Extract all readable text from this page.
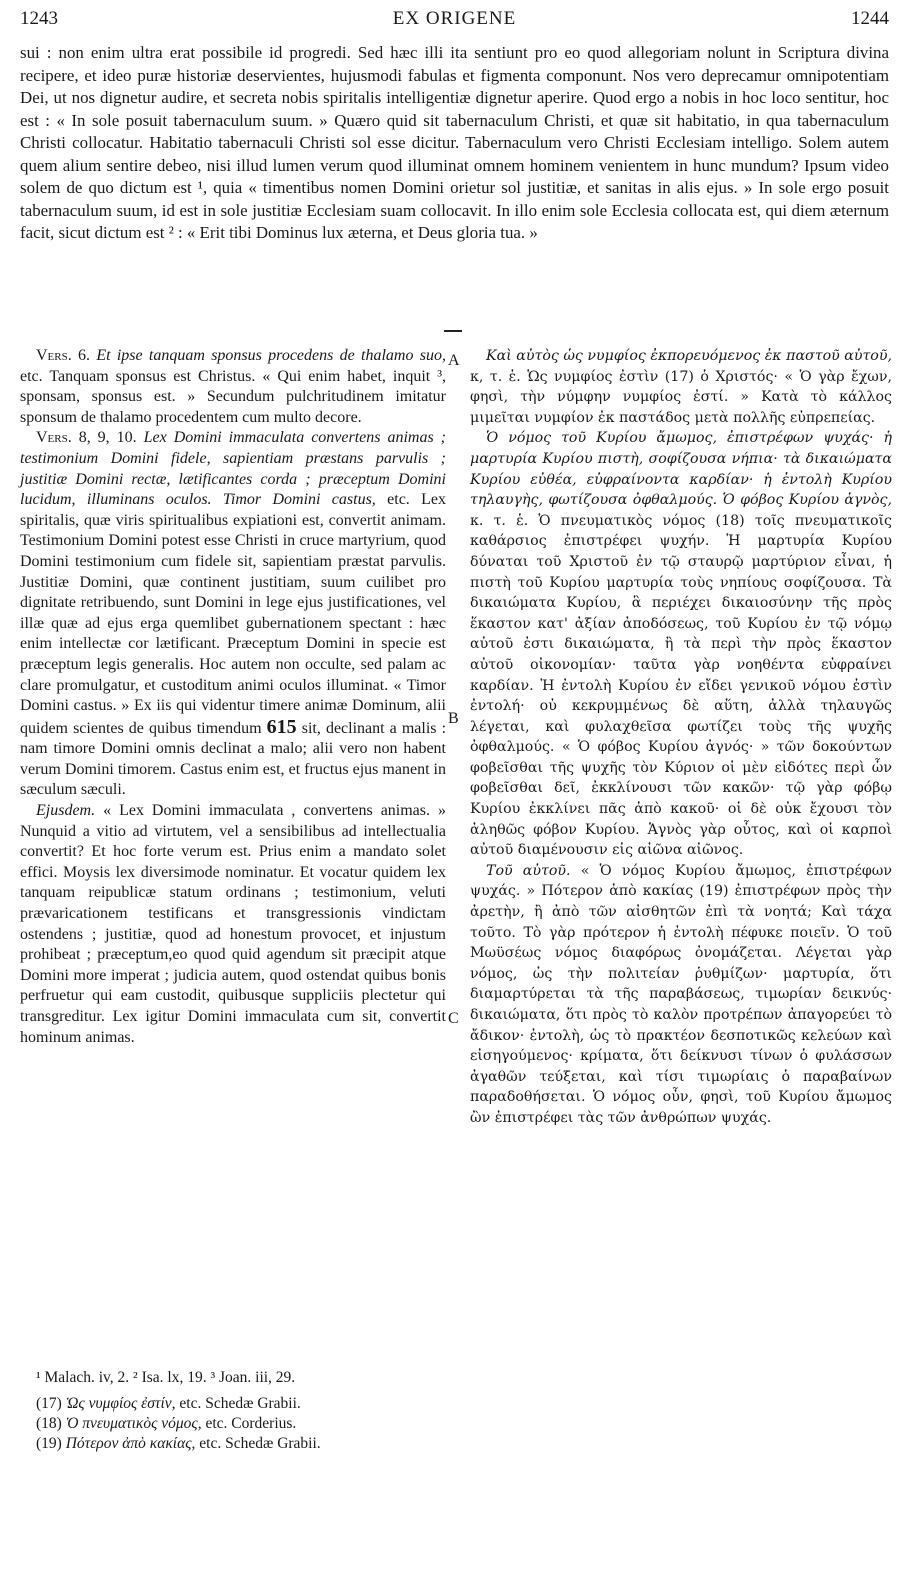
1243	EX ORIGENE	1244

sui : non enim ultra erat possibile id progredi. Sed hæc illi ita sentiunt pro eo quod allegoriam nolunt in Scriptura divina recipere, et ideo puræ historiæ deservientes, hujusmodi fabulas et figmenta componunt. Nos vero deprecamur omnipotentiam Dei, ut nos dignetur audire, et secreta nobis spiritalis intelligentiæ dignetur aperire. Quod ergo a nobis in hoc loco sentitur, hoc est : « In sole posuit tabernaculum suum. » Quæro quid sit tabernaculum Christi, et quæ sit habitatio, in qua tabernaculum Christi collocatur. Habitatio tabernaculi Christi sol esse dicitur. Tabernaculum vero Christi Ecclesiam intelligo. Solem autem quem alium sentire debeo, nisi illud lumen verum quod illuminat omnem hominem venientem in hunc mundum? Ipsum video solem de quo dictum est ¹, quia « timentibus nomen Domini orietur sol justitiæ, et sanitas in alis ejus. » In sole ergo posuit tabernaculum suum, id est in sole justitiæ Ecclesiam suam collocavit. In illo enim sole Ecclesia collocata est, qui diem æternum facit, sicut dictum est ² : « Erit tibi Dominus lux æterna, et Deus gloria tua. »

Vers. 6. Et ipse tanquam sponsus procedens de thalamo suo, etc. Tanquam sponsus est Christus. « Qui enim habet, inquit ³, sponsam, sponsus est. » Secundum pulchritudinem imitatur sponsum de thalamo procedentem cum multo decore.

Vers. 8, 9, 10. Lex Domini immaculata convertens animas ; testimonium Domini fidele, sapientiam præstans parvulis ; justitiæ Domini rectæ, lætificantes corda ; præceptum Domini lucidum, illuminans oculos. Timor Domini castus, etc. Lex spiritalis, quæ viris spiritualibus expiationi est, convertit animam. Testimonium Domini potest esse Christi in cruce martyrium, quod Domini testimonium cum fidele sit, sapientiam præstat parvulis. Justitiæ Domini, quæ continent justitiam, suum cuilibet pro dignitate retribuendo, sunt Domini in lege ejus justificationes, vel illæ quæ ad ejus erga quemlibet gubernationem spectant : hæc enim intellectæ cor lætificant. Præceptum Domini in specie est præceptum legis generalis. Hoc autem non occulte, sed palam ac clare promulgatur, et custoditum animi oculos illuminat. « Timor Domini castus. » Ex iis qui videntur timere animæ Dominum, alii quidem scientes de quibus timendum 615 sit, declinant a malis : nam timore Domini omnis declinat a malo; alii vero non habent verum Domini timorem. Castus enim est, et fructus ejus manent in sæculum sæculi.

Ejusdem. « Lex Domini immaculata , convertens animas. » Nunquid a vitio ad virtutem, vel a sensibilibus ad intellectualia convertit? Et hoc forte verum est. Prius enim a mandato solet effici. Moysis lex diversimode nominatur. Et vocatur quidem lex tanquam reipublicæ statum ordinans ; testimonium, veluti prævaricationem testificans et transgressionis vindictam ostendens ; justitiæ, quod ad honestum provocet, et injustum prohibeat ; præceptum,eo quod quid agendum sit præcipit atque Domini more imperat ; judicia autem, quod ostendat quibus bonis perfruetur qui eam custodit, quibusque suppliciis plectetur qui transgreditur. Lex igitur Domini immaculata cum sit, convertit hominum animas.

A
B
C

Καὶ αὐτὸς ὡς νυμφίος ἐκπορευόμενος ἐκ παστοῦ αὐτοῦ, κ, τ. ἑ. Ὡς νυμφίος ἐστὶν (17) ὁ Χριστός· « Ὁ γὰρ ἔχων, φησὶ, τὴν νύμφην νυμφίος ἐστί. » Κατὰ τὸ κάλλος μιμεῖται νυμφίον ἐκ παστάδος μετὰ πολλῆς εὐπρεπείας.

Ὁ νόμος τοῦ Κυρίου ἄμωμος, ἐπιστρέφων ψυχάς· ἡ μαρτυρία Κυρίου πιστὴ, σοφίζουσα νήπια· τὰ δικαιώματα Κυρίου εὐθέα, εὐφραίνοντα καρδίαν· ἡ ἐντολὴ Κυρίου τηλαυγὴς, φωτίζουσα ὀφθαλμούς. Ὁ φόβος Κυρίου ἁγνὸς, κ. τ. ἑ. Ὁ πνευματικὸς νόμος (18) τοῖς πνευματικοῖς καθάρσιος ἐπιστρέφει ψυχήν. Ἡ μαρτυρία Κυρίου δύναται τοῦ Χριστοῦ ἐν τῷ σταυρῷ μαρτύριον εἶναι, ἡ πιστὴ τοῦ Κυρίου μαρτυρία τοὺς νηπίους σοφίζουσα. Τὰ δικαιώματα Κυρίου, ἃ περιέχει δικαιοσύνην τῆς πρὸς ἕκαστον κατ' ἀξίαν ἀποδόσεως, τοῦ Κυρίου ἐν τῷ νόμῳ αὐτοῦ ἐστι δικαιώματα, ἢ τὰ περὶ τὴν πρὸς ἕκαστον αὐτοῦ οἰκονομίαν· ταῦτα γὰρ νοηθέντα εὐφραίνει καρδίαν. Ἡ ἐντολὴ Κυρίου ἐν εἴδει γενικοῦ νόμου ἐστὶν ἐντολή· οὐ κεκρυμμένως δὲ αὕτη, ἀλλὰ τηλαυγῶς λέγεται, καὶ φυλαχθεῖσα φωτίζει τοὺς τῆς ψυχῆς ὀφθαλμούς. « Ὁ φόβος Κυρίου ἁγνός· » τῶν δοκούντων φοβεῖσθαι τῆς ψυχῆς τὸν Κύριον οἱ μὲν εἰδότες περὶ ὧν φοβεῖσθαι δεῖ, ἐκκλίνουσι τῶν κακῶν· τῷ γὰρ φόβῳ Κυρίου ἐκκλίνει πᾶς ἀπὸ κακοῦ· οἱ δὲ οὐκ ἔχουσι τὸν ἀληθῶς φόβον Κυρίου. Ἁγνὸς γὰρ οὗτος, καὶ οἱ καρποὶ αὐτοῦ διαμένουσιν εἰς αἰῶνα αἰῶνος.

Τοῦ αὐτοῦ. « Ὁ νόμος Κυρίου ἄμωμος, ἐπιστρέφων ψυχάς. » Πότερον ἀπὸ κακίας (19) ἐπιστρέφων πρὸς τὴν ἀρετὴν, ἢ ἀπὸ τῶν αἰσθητῶν ἐπὶ τὰ νοητά; Καὶ τάχα τοῦτο. Τὸ γὰρ πρότερον ἡ ἐντολὴ πέφυκε ποιεῖν. Ὁ τοῦ Μωϋσέως νόμος διαφόρως ὀνομάζεται. Λέγεται γὰρ νόμος, ὡς τὴν πολιτείαν ῥυθμίζων· μαρτυρία, ὅτι διαμαρτύρεται τὰ τῆς παραβάσεως, τιμωρίαν δεικνύς· δικαιώματα, ὅτι πρὸς τὸ καλὸν προτρέπων ἀπαγορεύει τὸ ἄδικον· ἐντολὴ, ὡς τὸ πρακτέον δεσποτικῶς κελεύων καὶ εἰσηγούμενος· κρίματα, ὅτι δείκνυσι τίνων ὁ φυλάσσων ἀγαθῶν τεύξεται, καὶ τίσι τιμωρίαις ὁ παραβαίνων παραδοθήσεται. Ὁ νόμος οὖν, φησὶ, τοῦ Κυρίου ἄμωμος ὢν ἐπιστρέφει τὰς τῶν ἀνθρώπων ψυχάς.

¹ Malach. iv, 2. ² Isa. lx, 19. ³ Joan. iii, 29.
(17) Ὡς νυμφίος ἐστίν, etc. Schedæ Grabii.
(18) Ὁ πνευματικὸς νόμος, etc. Corderius.
(19) Πότερον ἀπὸ κακίας, etc. Schedæ Grabii.
